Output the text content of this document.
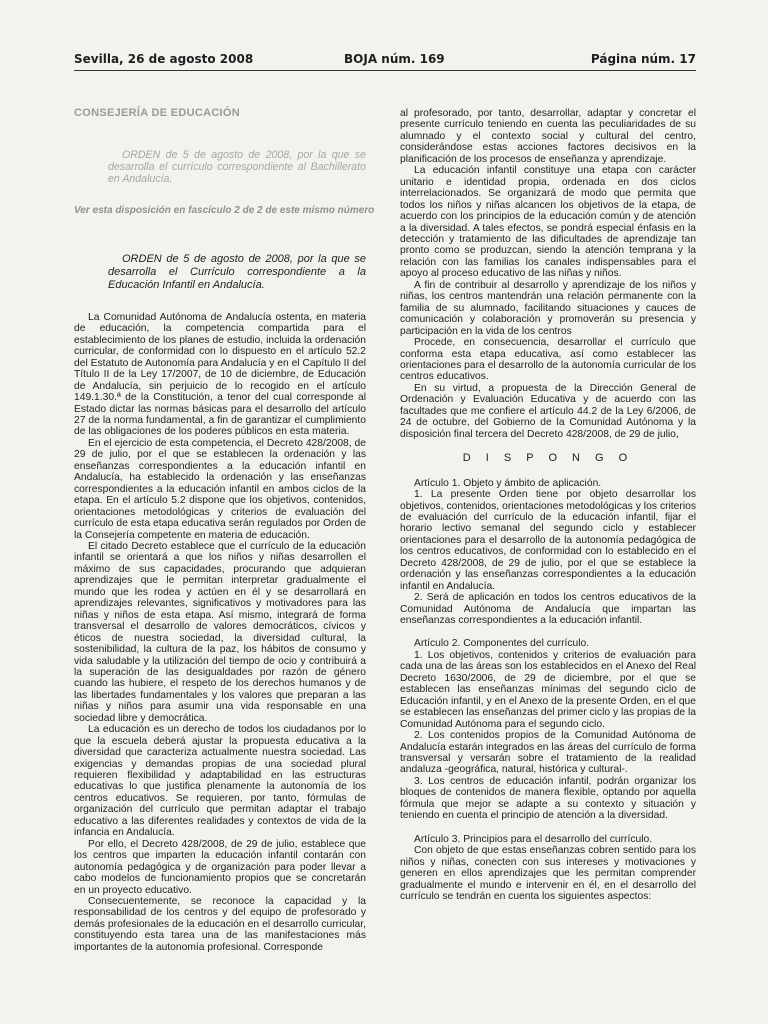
Sevilla, 26 de agosto 2008	BOJA núm. 169	Página núm. 17

CONSEJERÍA DE EDUCACIÓN

ORDEN de 5 de agosto de 2008, por la que se desarrolla el currículo correspondiente al Bachillerato en Andalucía.

Ver esta disposición en fascículo 2 de 2 de este mismo número

ORDEN de 5 de agosto de 2008, por la que se desarrolla el Currículo correspondiente a la Educación Infantil en Andalucía.

La Comunidad Autónoma de Andalucía ostenta, en materia de educación, la competencia compartida para el establecimiento de los planes de estudio, incluida la ordenación curricular, de conformidad con lo dispuesto en el artículo 52.2 del Estatuto de Autonomía para Andalucía y en el Capítulo II del Título II de la Ley 17/2007, de 10 de diciembre, de Educación de Andalucía, sin perjuicio de lo recogido en el artículo 149.1.30.ª de la Constitución, a tenor del cual corresponde al Estado dictar las normas básicas para el desarrollo del artículo 27 de la norma fundamental, a fin de garantizar el cumplimiento de las obligaciones de los poderes públicos en esta materia.

En el ejercicio de esta competencia, el Decreto 428/2008, de 29 de julio, por el que se establecen la ordenación y las enseñanzas correspondientes a la educación infantil en Andalucía, ha establecido la ordenación y las enseñanzas correspondientes a la educación infantil en ambos ciclos de la etapa. En el artículo 5.2 dispone que los objetivos, contenidos, orientaciones metodológicas y criterios de evaluación del currículo de esta etapa educativa serán regulados por Orden de la Consejería competente en materia de educación.

El citado Decreto establece que el currículo de la educación infantil se orientará a que los niños y niñas desarrollen el máximo de sus capacidades, procurando que adquieran aprendizajes que le permitan interpretar gradualmente el mundo que les rodea y actúen en él y se desarrollará en aprendizajes relevantes, significativos y motivadores para las niñas y niños de esta etapa. Así mismo, integrará de forma transversal el desarrollo de valores democráticos, cívicos y éticos de nuestra sociedad, la diversidad cultural, la sostenibilidad, la cultura de la paz, los hábitos de consumo y vida saludable y la utilización del tiempo de ocio y contribuirá a la superación de las desigualdades por razón de género cuando las hubiere, el respeto de los derechos humanos y de las libertades fundamentales y los valores que preparan a las niñas y niños para asumir una vida responsable en una sociedad libre y democrática.

La educación es un derecho de todos los ciudadanos por lo que la escuela deberá ajustar la propuesta educativa a la diversidad que caracteriza actualmente nuestra sociedad. Las exigencias y demandas propias de una sociedad plural requieren flexibilidad y adaptabilidad en las estructuras educativas lo que justifica plenamente la autonomía de los centros educativos. Se requieren, por tanto, fórmulas de organización del currículo que permitan adaptar el trabajo educativo a las diferentes realidades y contextos de vida de la infancia en Andalucía.

Por ello, el Decreto 428/2008, de 29 de julio, establece que los centros que imparten la educación infantil contarán con autonomía pedagógica y de organización para poder llevar a cabo modelos de funcionamiento propios que se concretarán en un proyecto educativo.

Consecuentemente, se reconoce la capacidad y la responsabilidad de los centros y del equipo de profesorado y demás profesionales de la educación en el desarrollo curricular, constituyendo esta tarea una de las manifestaciones más importantes de la autonomía profesional. Corresponde

al profesorado, por tanto, desarrollar, adaptar y concretar el presente currículo teniendo en cuenta las peculiaridades de su alumnado y el contexto social y cultural del centro, considerándose estas acciones factores decisivos en la planificación de los procesos de enseñanza y aprendizaje.

La educación infantil constituye una etapa con carácter unitario e identidad propia, ordenada en dos ciclos interrelacionados. Se organizará de modo que permita que todos los niños y niñas alcancen los objetivos de la etapa, de acuerdo con los principios de la educación común y de atención a la diversidad. A tales efectos, se pondrá especial énfasis en la detección y tratamiento de las dificultades de aprendizaje tan pronto como se produzcan, siendo la atención temprana y la relación con las familias los canales indispensables para el apoyo al proceso educativo de las niñas y niños.

A fin de contribuir al desarrollo y aprendizaje de los niños y niñas, los centros mantendrán una relación permanente con la familia de su alumnado, facilitando situaciones y cauces de comunicación y colaboración y promoverán su presencia y participación en la vida de los centros

Procede, en consecuencia, desarrollar el currículo que conforma esta etapa educativa, así como establecer las orientaciones para el desarrollo de la autonomía curricular de los centros educativos.

En su virtud, a propuesta de la Dirección General de Ordenación y Evaluación Educativa y de acuerdo con las facultades que me confiere el artículo 44.2 de la Ley 6/2006, de 24 de octubre, del Gobierno de la Comunidad Autónoma y la disposición final tercera del Decreto 428/2008, de 29 de julio,

D I S P O N G O

Artículo 1. Objeto y ámbito de aplicación.

1. La presente Orden tiene por objeto desarrollar los objetivos, contenidos, orientaciones metodológicas y los criterios de evaluación del currículo de la educación infantil, fijar el horario lectivo semanal del segundo ciclo y establecer orientaciones para el desarrollo de la autonomía pedagógica de los centros educativos, de conformidad con lo establecido en el Decreto 428/2008, de 29 de julio, por el que se establece la ordenación y las enseñanzas correspondientes a la educación infantil en Andalucía.

2. Será de aplicación en todos los centros educativos de la Comunidad Autónoma de Andalucía que impartan las enseñanzas correspondientes a la educación infantil.

Artículo 2. Componentes del currículo.

1. Los objetivos, contenidos y criterios de evaluación para cada una de las áreas son los establecidos en el Anexo del Real Decreto 1630/2006, de 29 de diciembre, por el que se establecen las enseñanzas mínimas del segundo ciclo de Educación infantil, y en el Anexo de la presente Orden, en el que se establecen las enseñanzas del primer ciclo y las propias de la Comunidad Autónoma para el segundo ciclo.

2. Los contenidos propios de la Comunidad Autónoma de Andalucía estarán integrados en las áreas del currículo de forma transversal y versarán sobre el tratamiento de la realidad andaluza -geográfica, natural, histórica y cultural-.

3. Los centros de educación infantil, podrán organizar los bloques de contenidos de manera flexible, optando por aquella fórmula que mejor se adapte a su contexto y situación y teniendo en cuenta el principio de atención a la diversidad.

Artículo 3. Principios para el desarrollo del currículo.

Con objeto de que estas enseñanzas cobren sentido para los niños y niñas, conecten con sus intereses y motivaciones y generen en ellos aprendizajes que les permitan comprender gradualmente el mundo e intervenir en él, en el desarrollo del currículo se tendrán en cuenta los siguientes aspectos:
